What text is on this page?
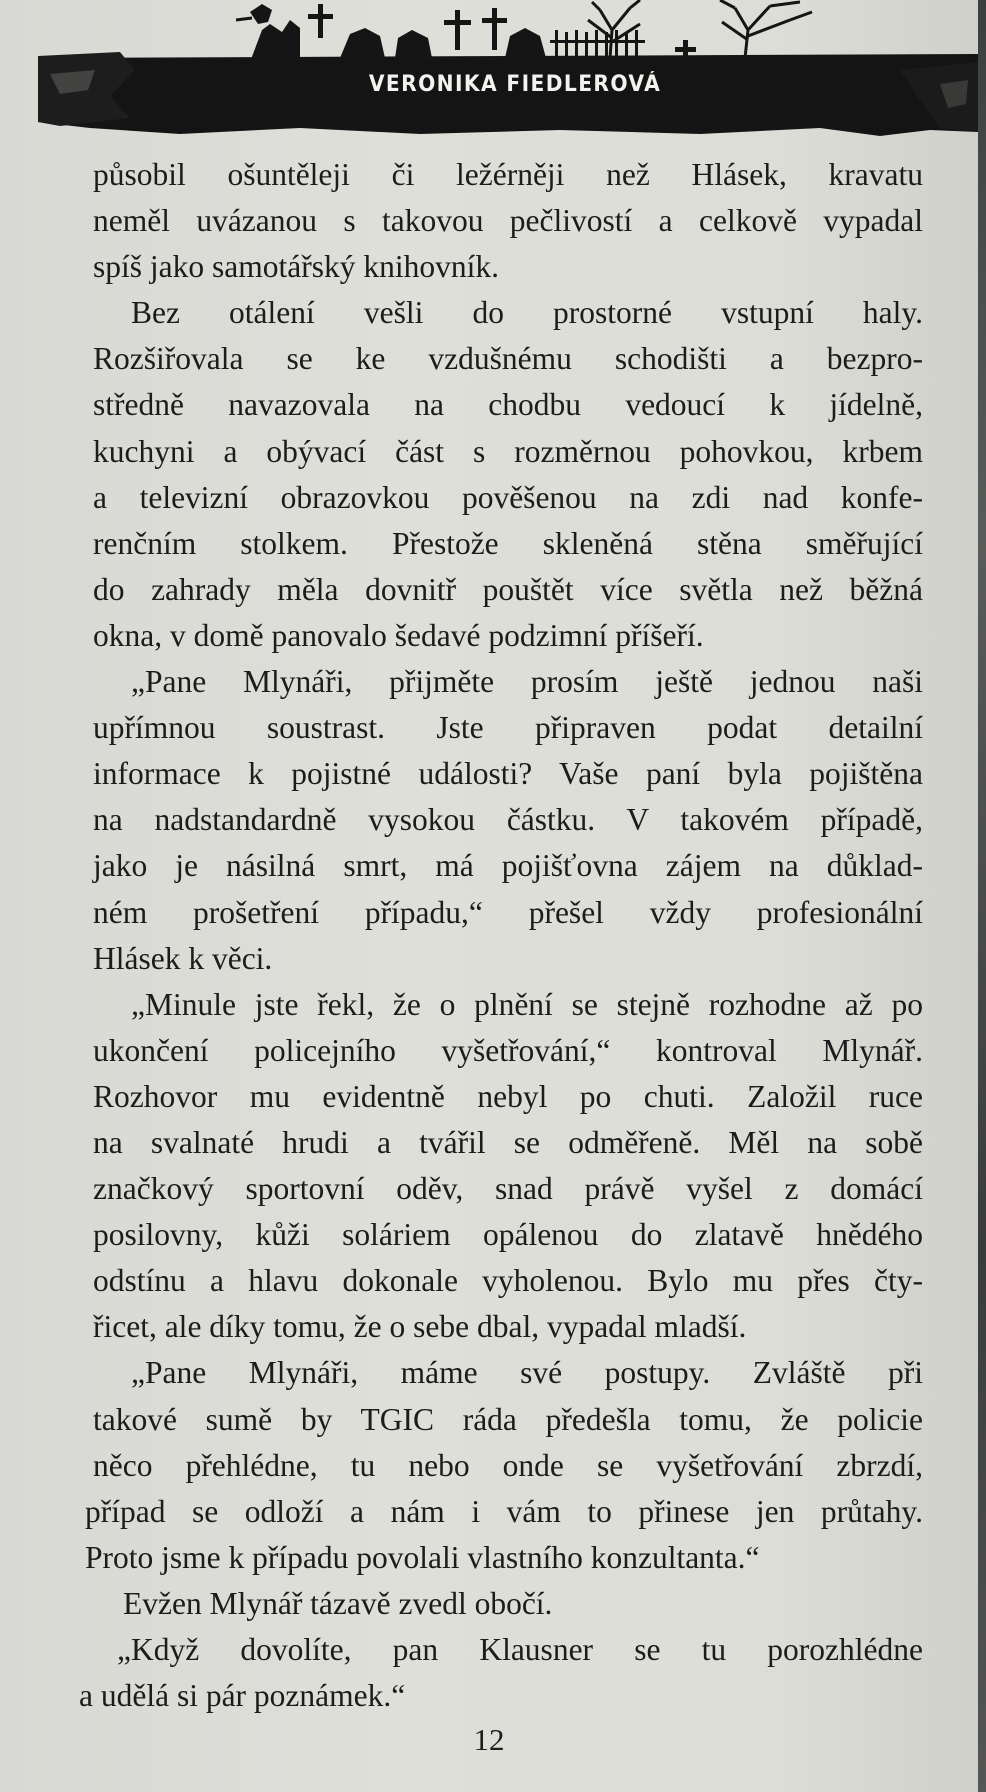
VERONIKA FIEDLEROVÁ
působil ošuntěleji či ležérněji než Hlásek, kravatu
neměl uvázanou s takovou pečlivostí a celkově vypadal
spíš jako samotářský knihovník.
Bez otálení vešli do prostorné vstupní haly.
Rozšiřovala se ke vzdušnému schodišti a bezpro-
středně navazovala na chodbu vedoucí k jídelně,
kuchyni a obývací část s rozměrnou pohovkou, krbem
a televizní obrazovkou pověšenou na zdi nad konfe-
renčním stolkem. Přestože skleněná stěna směřující
do zahrady měla dovnitř pouštět více světla než běžná
okna, v domě panovalo šedavé podzimní příšeří.
„Pane Mlynáři, přijměte prosím ještě jednou naši
upřímnou soustrast. Jste připraven podat detailní
informace k pojistné události? Vaše paní byla pojištěna
na nadstandardně vysokou částku. V takovém případě,
jako je násilná smrt, má pojišťovna zájem na důklad-
ném prošetření případu,“ přešel vždy profesionální
Hlásek k věci.
„Minule jste řekl, že o plnění se stejně rozhodne až po
ukončení policejního vyšetřování,“ kontroval Mlynář.
Rozhovor mu evidentně nebyl po chuti. Založil ruce
na svalnaté hrudi a tvářil se odměřeně. Měl na sobě
značkový sportovní oděv, snad právě vyšel z domácí
posilovny, kůži soláriem opálenou do zlatavě hnědého
odstínu a hlavu dokonale vyholenou. Bylo mu přes čty-
řicet, ale díky tomu, že o sebe dbal, vypadal mladší.
„Pane Mlynáři, máme své postupy. Zvláště při
takové sumě by TGIC ráda předešla tomu, že policie
něco přehlédne, tu nebo onde se vyšetřování zbrzdí,
případ se odloží a nám i vám to přinese jen průtahy.
Proto jsme k případu povolali vlastního konzultanta.“
Evžen Mlynář tázavě zvedl obočí.
„Když dovolíte, pan Klausner se tu porozhlédne
a udělá si pár poznámek.“
12
